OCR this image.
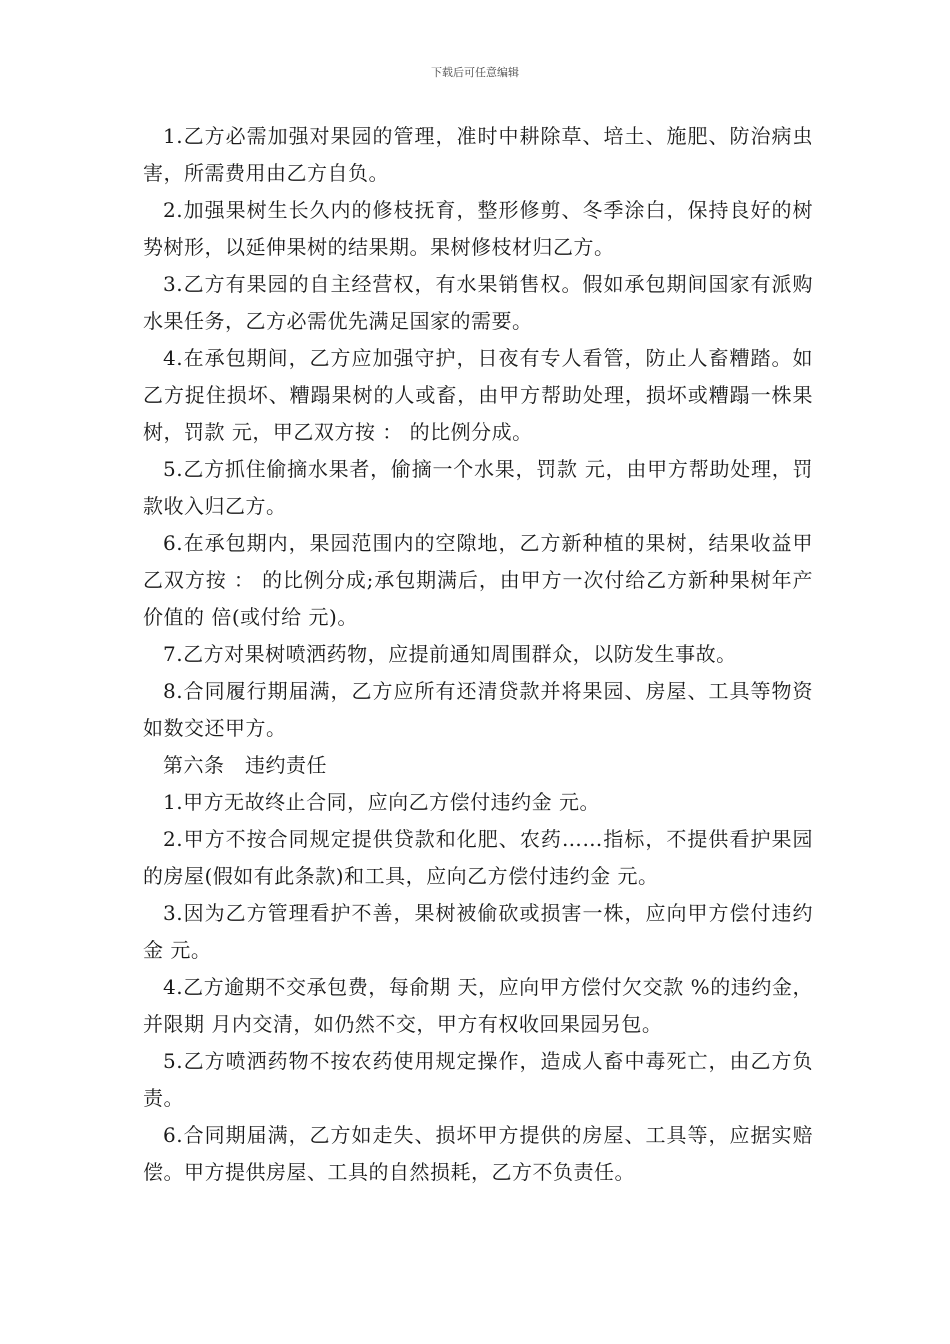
下载后可任意编辑

1.乙方必需加强对果园的管理，准时中耕除草、培土、施肥、防治病虫害，所需费用由乙方自负。

2.加强果树生长久内的修枝抚育，整形修剪、冬季涂白，保持良好的树势树形，以延伸果树的结果期。果树修枝材归乙方。

3.乙方有果园的自主经营权，有水果销售权。假如承包期间国家有派购水果任务，乙方必需优先满足国家的需要。

4.在承包期间，乙方应加强守护，日夜有专人看管，防止人畜糟踏。如乙方捉住损坏、糟蹋果树的人或畜，由甲方帮助处理，损坏或糟蹋一株果树，罚款 元，甲乙双方按 ： 的比例分成。

5.乙方抓住偷摘水果者，偷摘一个水果，罚款 元，由甲方帮助处理，罚款收入归乙方。

6.在承包期内，果园范围内的空隙地，乙方新种植的果树，结果收益甲乙双方按 ： 的比例分成;承包期满后，由甲方一次付给乙方新种果树年产价值的 倍(或付给 元)。

7.乙方对果树喷洒药物，应提前通知周围群众，以防发生事故。

8.合同履行期届满，乙方应所有还清贷款并将果园、房屋、工具等物资如数交还甲方。

第六条　违约责任

1.甲方无故终止合同，应向乙方偿付违约金 元。

2.甲方不按合同规定提供贷款和化肥、农药……指标，不提供看护果园的房屋(假如有此条款)和工具，应向乙方偿付违约金 元。

3.因为乙方管理看护不善，果树被偷砍或损害一株，应向甲方偿付违约金 元。

4.乙方逾期不交承包费，每俞期 天，应向甲方偿付欠交款 %的违约金，并限期 月内交清，如仍然不交，甲方有权收回果园另包。

5.乙方喷洒药物不按农药使用规定操作，造成人畜中毒死亡，由乙方负责。

6.合同期届满，乙方如走失、损坏甲方提供的房屋、工具等，应据实赔偿。甲方提供房屋、工具的自然损耗，乙方不负责任。
